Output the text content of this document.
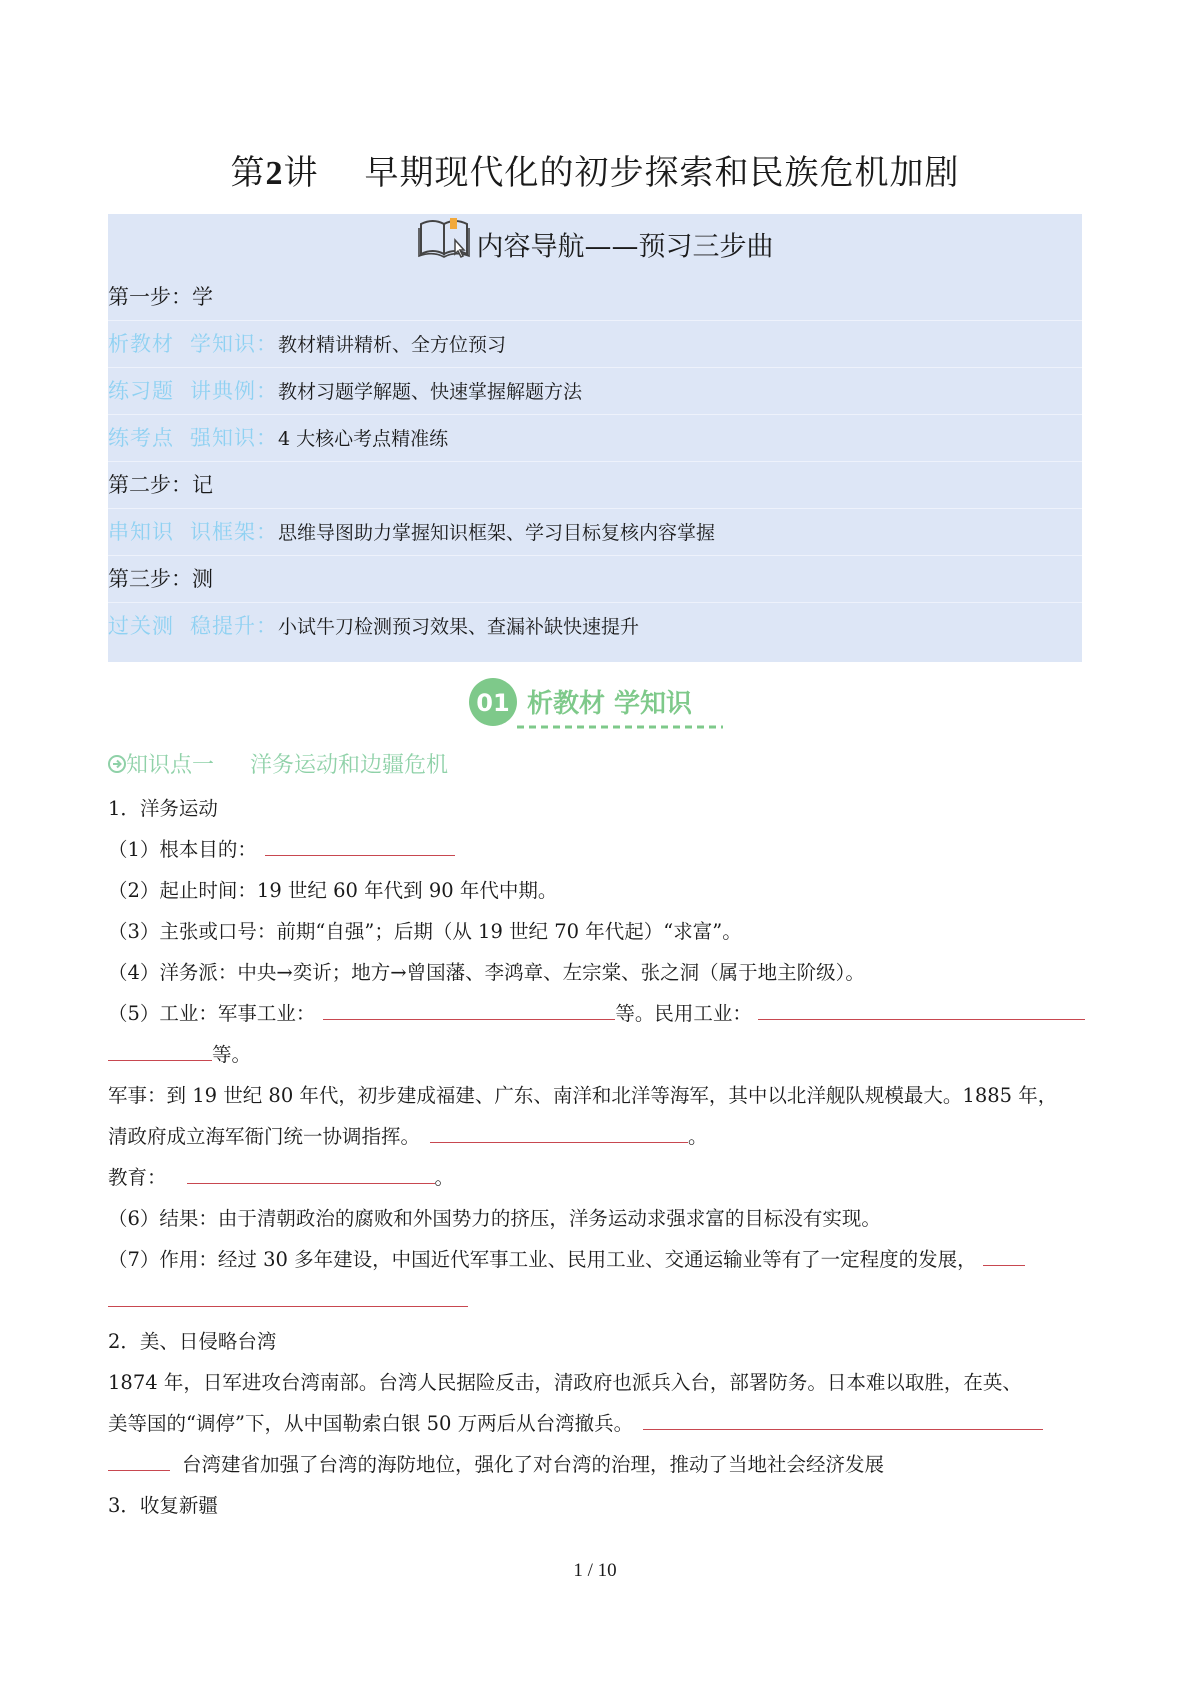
第2讲 早期现代化的初步探索和民族危机加剧
内容导航——预习三步曲
第一步：学
析教材 学知识：教材精讲精析、全方位预习
练习题 讲典例：教材习题学解题、快速掌握解题方法
练考点 强知识：4 大核心考点精准练
第二步：记
串知识 识框架：思维导图助力掌握知识框架、学习目标复核内容掌握
第三步：测
过关测 稳提升：小试牛刀检测预习效果、查漏补缺快速提升
01 析教材 学知识
知识点一 洋务运动和边疆危机
1．洋务运动
（1）根本目的：
（2）起止时间：19 世纪 60 年代到 90 年代中期。
（3）主张或口号：前期“自强”；后期（从 19 世纪 70 年代起）“求富”。
（4）洋务派：中央→奕䜣；地方→曾国藩、李鸿章、左宗棠、张之洞（属于地主阶级）。
（5）工业：军事工业：	等。民用工业：
等。
军事：到 19 世纪 80 年代，初步建成福建、广东、南洋和北洋等海军，其中以北洋舰队规模最大。1885 年，
清政府成立海军衙门统一协调指挥。	。
教育：	。
（6）结果：由于清朝政治的腐败和外国势力的挤压，洋务运动求强求富的目标没有实现。
（7）作用：经过 30 多年建设，中国近代军事工业、民用工业、交通运输业等有了一定程度的发展，
2．美、日侵略台湾
1874 年，日军进攻台湾南部。台湾人民据险反击，清政府也派兵入台，部署防务。日本难以取胜，在英、
美等国的“调停”下，从中国勒索白银 50 万两后从台湾撤兵。
台湾建省加强了台湾的海防地位，强化了对台湾的治理，推动了当地社会经济发展
3．收复新疆
1 / 10
